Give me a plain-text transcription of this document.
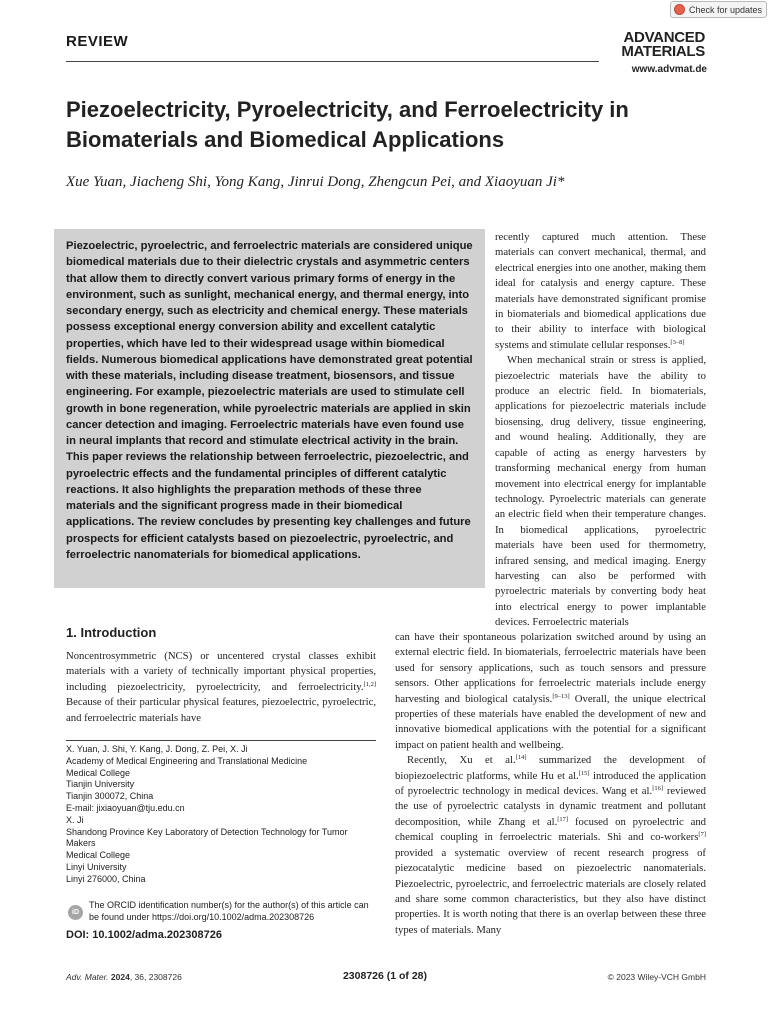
Check for updates
REVIEW	ADVANCED
MATERIALS
www.advmat.de
Piezoelectricity, Pyroelectricity, and Ferroelectricity in Biomaterials and Biomedical Applications
Xue Yuan, Jiacheng Shi, Yong Kang, Jinrui Dong, Zhengcun Pei, and Xiaoyuan Ji*
Piezoelectric, pyroelectric, and ferroelectric materials are considered unique biomedical materials due to their dielectric crystals and asymmetric centers that allow them to directly convert various primary forms of energy in the environment, such as sunlight, mechanical energy, and thermal energy, into secondary energy, such as electricity and chemical energy. These materials possess exceptional energy conversion ability and excellent catalytic properties, which have led to their widespread usage within biomedical fields. Numerous biomedical applications have demonstrated great potential with these materials, including disease treatment, biosensors, and tissue engineering. For example, piezoelectric materials are used to stimulate cell growth in bone regeneration, while pyroelectric materials are applied in skin cancer detection and imaging. Ferroelectric materials have even found use in neural implants that record and stimulate electrical activity in the brain. This paper reviews the relationship between ferroelectric, piezoelectric, and pyroelectric effects and the fundamental principles of different catalytic reactions. It also highlights the preparation methods of these three materials and the significant progress made in their biomedical applications. The review concludes by presenting key challenges and future prospects for efficient catalysts based on piezoelectric, pyroelectric, and ferroelectric nanomaterials for biomedical applications.

recently captured much attention. These materials can convert mechanical, thermal, and electrical energies into one another, making them ideal for catalysis and energy capture. These materials have demonstrated significant promise in biomaterials and biomedical applications due to their ability to interface with biological systems and stimulate cellular responses.[3–8]

When mechanical strain or stress is applied, piezoelectric materials have the ability to produce an electric field. In biomaterials, applications for piezoelectric materials include biosensing, drug delivery, tissue engineering, and wound healing. Additionally, they are capable of acting as energy harvesters by transforming mechanical energy from human movement into electrical energy for implantable technology. Pyroelectric materials can generate an electric field when their temperature changes. In biomedical applications, pyroelectric materials have been used for thermometry, infrared sensing, and medical imaging. Energy harvesting can also be performed with pyroelectric materials by converting body heat into electrical energy to power implantable devices. Ferroelectric materials

can have their spontaneous polarization switched around by using an external electric field. In biomaterials, ferroelectric materials have been used for sensory applications, such as touch sensors and pressure sensors. Other applications for ferroelectric materials include energy harvesting and biological catalysis.[9–13] Overall, the unique electrical properties of these materials have enabled the development of new and innovative biomedical applications with the potential for a significant impact on patient health and wellbeing.

Recently, Xu et al.[14] summarized the development of biopiezoelectric platforms, while Hu et al.[15] introduced the application of pyroelectric technology in medical devices. Wang et al.[16] reviewed the use of pyroelectric catalysts in dynamic treatment and pollutant decomposition, while Zhang et al.[17] focused on pyroelectric and chemical coupling in ferroelectric materials. Shi and co-workers[7] provided a systematic overview of recent research progress of piezocatalytic medicine based on piezoelectric nanomaterials. Piezoelectric, pyroelectric, and ferroelectric materials are closely related and share some common characteristics, but they also have distinct properties. It is worth noting that there is an overlap between these three types of materials. Many

1. Introduction

Noncentrosymmetric (NCS) or uncentered crystal classes exhibit materials with a variety of technically important physical properties, including piezoelectricity, pyroelectricity, and ferroelectricity.[1,2] Because of their particular physical features, piezoelectric, pyroelectric, and ferroelectric materials have

X. Yuan, J. Shi, Y. Kang, J. Dong, Z. Pei, X. Ji
Academy of Medical Engineering and Translational Medicine
Medical College
Tianjin University
Tianjin 300072, China
E-mail: jixiaoyuan@tju.edu.cn
X. Ji
Shandong Province Key Laboratory of Detection Technology for Tumor Makers
Medical College
Linyi University
Linyi 276000, China
iD
The ORCID identification number(s) for the author(s) of this article can be found under https://doi.org/10.1002/adma.202308726
DOI: 10.1002/adma.202308726
Adv. Mater. 2024, 36, 2308726	2308726 (1 of 28)	© 2023 Wiley-VCH GmbH
